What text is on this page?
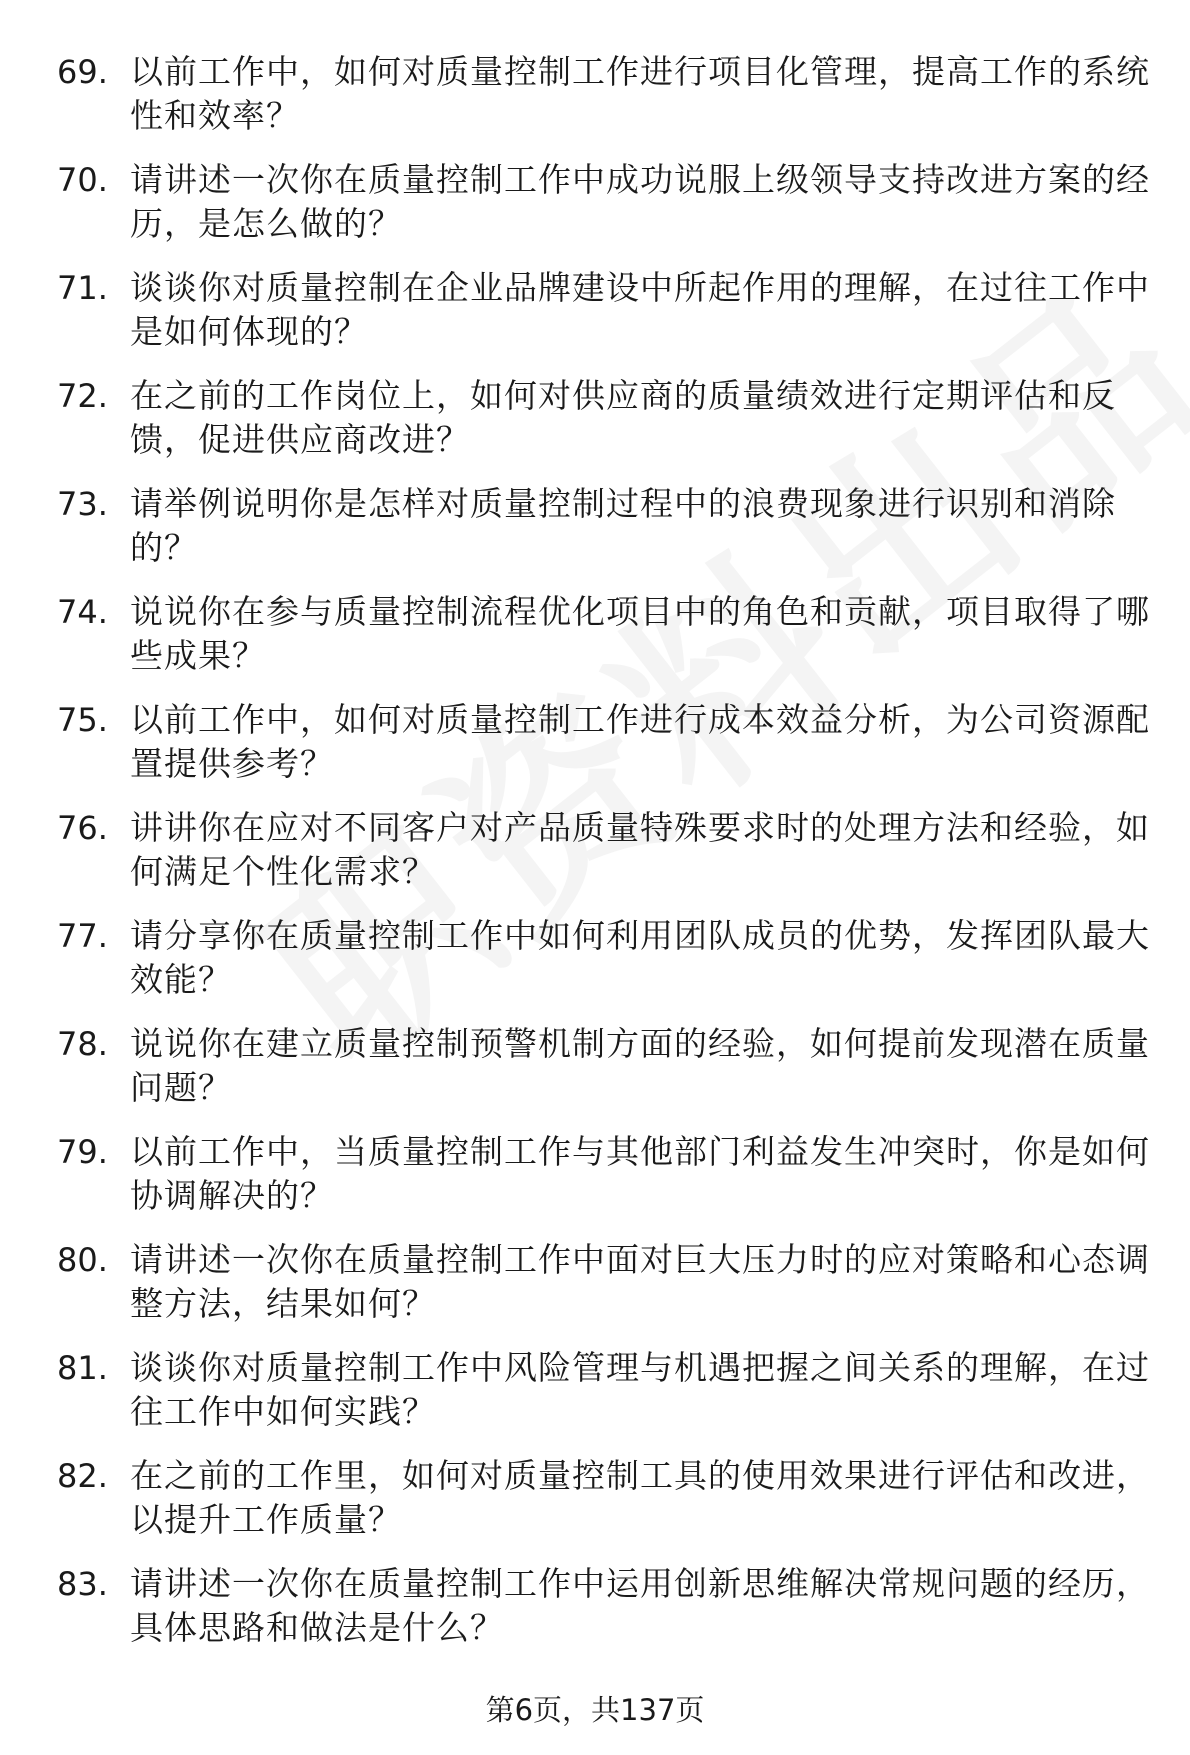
69. 以前工作中，如何对质量控制工作进行项目化管理，提高工作的系统性和效率？
70. 请讲述一次你在质量控制工作中成功说服上级领导支持改进方案的经历，是怎么做的？
71. 谈谈你对质量控制在企业品牌建设中所起作用的理解，在过往工作中是如何体现的？
72. 在之前的工作岗位上，如何对供应商的质量绩效进行定期评估和反馈，促进供应商改进？
73. 请举例说明你是怎样对质量控制过程中的浪费现象进行识别和消除的？
74. 说说你在参与质量控制流程优化项目中的角色和贡献，项目取得了哪些成果？
75. 以前工作中，如何对质量控制工作进行成本效益分析，为公司资源配置提供参考？
76. 讲讲你在应对不同客户对产品质量特殊要求时的处理方法和经验，如何满足个性化需求？
77. 请分享你在质量控制工作中如何利用团队成员的优势，发挥团队最大效能？
78. 说说你在建立质量控制预警机制方面的经验，如何提前发现潜在质量问题？
79. 以前工作中，当质量控制工作与其他部门利益发生冲突时，你是如何协调解决的？
80. 请讲述一次你在质量控制工作中面对巨大压力时的应对策略和心态调整方法，结果如何？
81. 谈谈你对质量控制工作中风险管理与机遇把握之间关系的理解，在过往工作中如何实践？
82. 在之前的工作里，如何对质量控制工具的使用效果进行评估和改进，以提升工作质量？
83. 请讲述一次你在质量控制工作中运用创新思维解决常规问题的经历，具体思路和做法是什么？
第6页，共137页
